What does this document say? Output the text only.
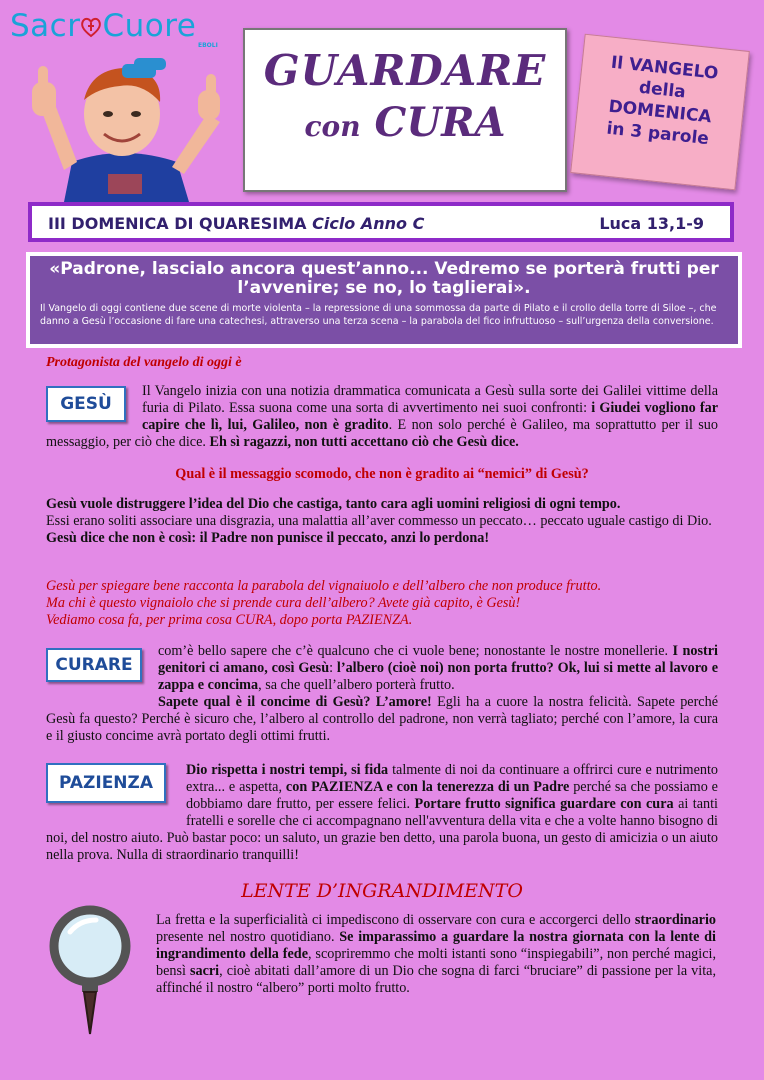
Sacr Cuore
EBOLI
GUARDARE
con CURA
Il VANGELO
della
DOMENICA
in 3 parole
III DOMENICA DI QUARESIMA Ciclo Anno C	Luca 13,1-9
«Padrone, lascialo ancora quest’anno... Vedremo se porterà frutti per l’avvenire; se no, lo taglierai».
Il Vangelo di oggi contiene due scene di morte violenta – la repressione di una sommossa da parte di Pilato e il crollo della torre di Siloe –, che danno a Gesù l’occasione di fare una catechesi, attraverso una terza scena – la parabola del fico infruttuoso – sull’urgenza della conversione.
Protagonista del vangelo di oggi è
GESÙ
Il Vangelo inizia con una notizia drammatica comunicata a Gesù sulla sorte dei Galilei vittime della furia di Pilato. Essa suona come una sorta di avvertimento nei suoi confronti: i Giudei vogliono far capire che lì, lui, Galileo, non è gradito. E non solo perché è Galileo, ma soprattutto per il suo messaggio, per ciò che dice. Eh sì ragazzi, non tutti accettano ciò che Gesù dice.
Qual è il messaggio scomodo, che non è gradito ai “nemici” di Gesù?
Gesù vuole distruggere l’idea del Dio che castiga, tanto cara agli uomini religiosi di ogni tempo.
Essi erano soliti associare una disgrazia, una malattia all’aver commesso un peccato… peccato uguale castigo di Dio.
Gesù dice che non è così: il Padre non punisce il peccato, anzi lo perdona!
Gesù per spiegare bene racconta la parabola del vignaiuolo e dell’albero che non produce frutto.
Ma chi è questo vignaiolo che si prende cura dell’albero? Avete già capito, è Gesù!
Vediamo cosa fa, per prima cosa CURA, dopo porta PAZIENZA.
CURARE
com’è bello sapere che c’è qualcuno che ci vuole bene; nonostante le nostre monellerie. I nostri genitori ci amano, così Gesù: l’albero (cioè noi) non porta frutto? Ok, lui si mette al lavoro e zappa e concima, sa che quell’albero porterà frutto.
Sapete qual è il concime di Gesù? L’amore! Egli ha a cuore la nostra felicità. Sapete perché Gesù fa questo? Perché è sicuro che, l’albero al controllo del padrone, non verrà tagliato; perché con l’amore, la cura e il giusto concime avrà portato degli ottimi frutti.
PAZIENZA
Dio rispetta i nostri tempi, si fida talmente di noi da continuare a offrirci cure e nutrimento extra... e aspetta, con PAZIENZA e con la tenerezza di un Padre perché sa che possiamo e dobbiamo dare frutto, per essere felici. Portare frutto significa guardare con cura ai tanti fratelli e sorelle che ci accompagnano nell'avventura della vita e che a volte hanno bisogno di noi, del nostro aiuto. Può bastar poco: un saluto, un grazie ben detto, una parola buona, un gesto di amicizia o un aiuto nella prova. Nulla di straordinario tranquilli!
LENTE D’INGRANDIMENTO
La fretta e la superficialità ci impediscono di osservare con cura e accorgerci dello straordinario presente nel nostro quotidiano. Se imparassimo a guardare la nostra giornata con la lente di ingrandimento della fede, scopriremmo che molti istanti sono “inspiegabili”, non perché magici, bensì sacri, cioè abitati dall’amore di un Dio che sogna di farci “bruciare” di passione per la vita, affinché il nostro “albero” porti molto frutto.
